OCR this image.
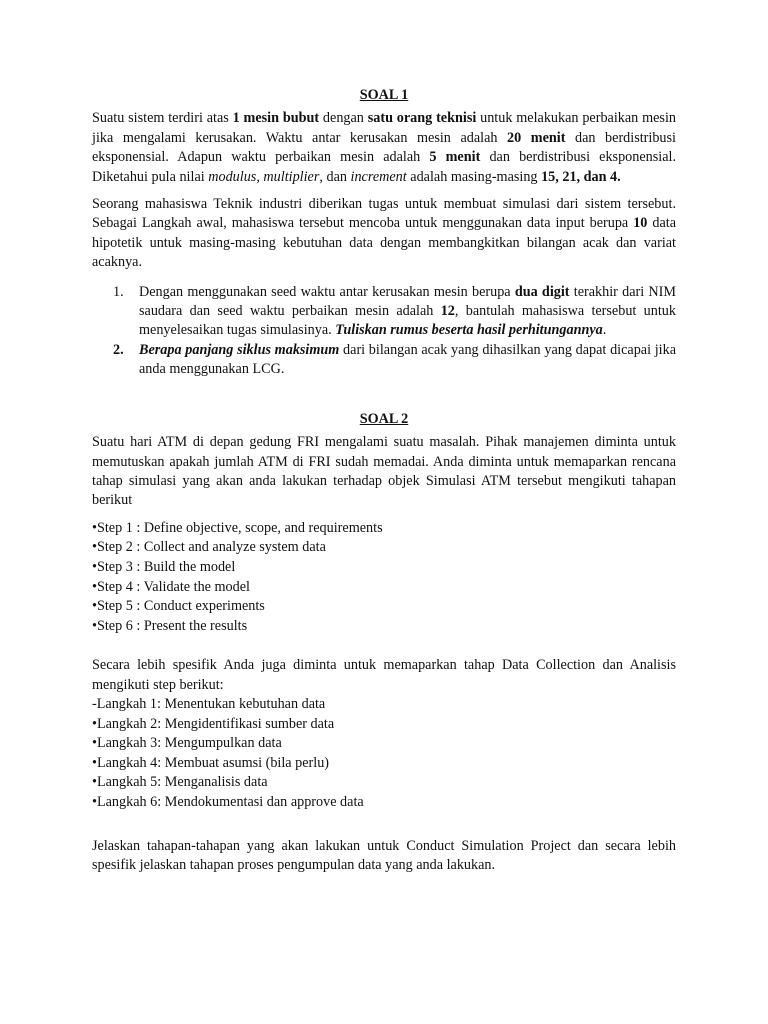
SOAL 1

Suatu sistem terdiri atas 1 mesin bubut dengan satu orang teknisi untuk melakukan perbaikan mesin jika mengalami kerusakan. Waktu antar kerusakan mesin adalah 20 menit dan berdistribusi eksponensial. Adapun waktu perbaikan mesin adalah 5 menit dan berdistribusi eksponensial. Diketahui pula nilai modulus, multiplier, dan increment adalah masing-masing 15, 21, dan 4.

Seorang mahasiswa Teknik industri diberikan tugas untuk membuat simulasi dari sistem tersebut. Sebagai Langkah awal, mahasiswa tersebut mencoba untuk menggunakan data input berupa 10 data hipotetik untuk masing-masing kebutuhan data dengan membangkitkan bilangan acak dan variat acaknya.

1. Dengan menggunakan seed waktu antar kerusakan mesin berupa dua digit terakhir dari NIM saudara dan seed waktu perbaikan mesin adalah 12, bantulah mahasiswa tersebut untuk menyelesaikan tugas simulasinya. Tuliskan rumus beserta hasil perhitungannya.
2. Berapa panjang siklus maksimum dari bilangan acak yang dihasilkan yang dapat dicapai jika anda menggunakan LCG.
SOAL 2

Suatu hari ATM di depan gedung FRI mengalami suatu masalah. Pihak manajemen diminta untuk memutuskan apakah jumlah ATM di FRI sudah memadai. Anda diminta untuk memaparkan rencana tahap simulasi yang akan anda lakukan terhadap objek Simulasi ATM tersebut mengikuti tahapan berikut

•Step 1 : Define objective, scope, and requirements
•Step 2 : Collect and analyze system data
•Step 3 : Build the model
•Step 4 : Validate the model
•Step 5 : Conduct experiments
•Step 6 : Present the results

Secara lebih spesifik Anda juga diminta untuk memaparkan tahap Data Collection dan Analisis mengikuti step berikut:

-Langkah 1: Menentukan kebutuhan data
•Langkah 2: Mengidentifikasi sumber data
•Langkah 3: Mengumpulkan data
•Langkah 4: Membuat asumsi (bila perlu)
•Langkah 5: Menganalisis data
•Langkah 6: Mendokumentasi dan approve data

Jelaskan tahapan-tahapan yang akan lakukan untuk Conduct Simulation Project dan secara lebih spesifik jelaskan tahapan proses pengumpulan data yang anda lakukan.
